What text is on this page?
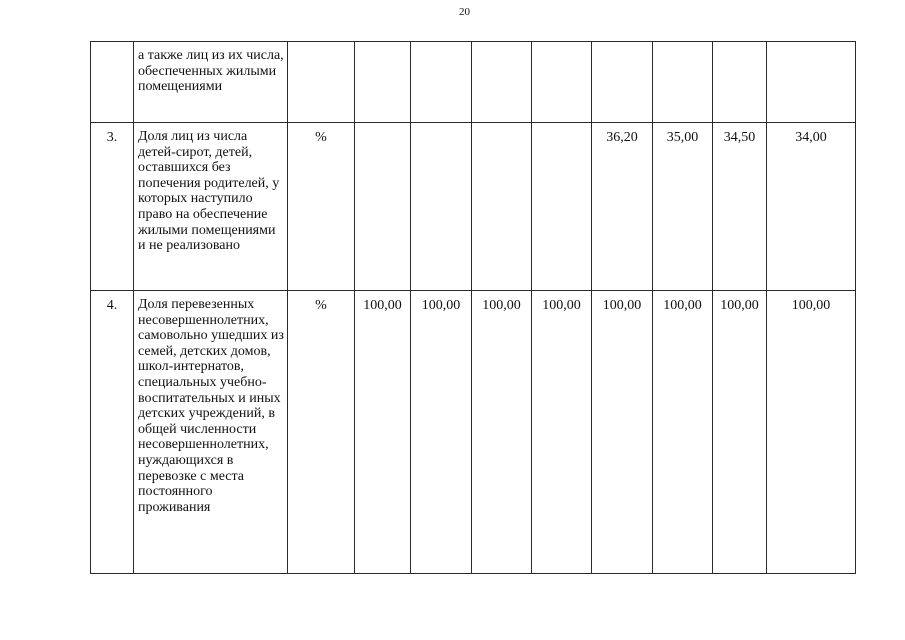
20
	а также лиц из их числа, обеспеченных жилыми помещениями									
3.	Доля лиц из числа детей-сирот, детей, оставшихся без попечения родителей, у которых наступило право на обеспечение жилыми помещениями и не реализовано	%					36,20	35,00	34,50	34,00
4.	Доля перевезенных несовершеннолетних, самовольно ушедших из семей, детских домов, школ-интернатов, специальных учебно-воспитательных и иных детских учреждений, в общей численности несовершеннолетних, нуждающихся в перевозке с места постоянного проживания	%	100,00	100,00	100,00	100,00	100,00	100,00	100,00	100,00
